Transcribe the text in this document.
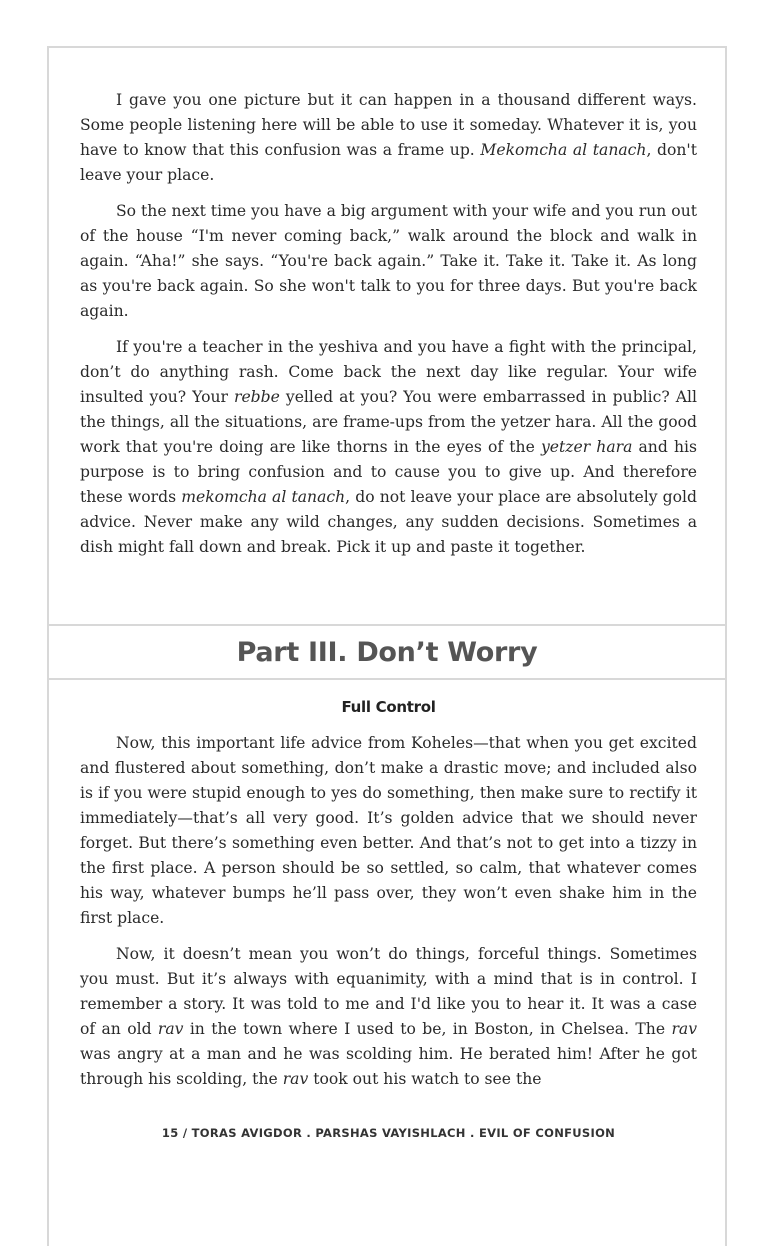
I gave you one picture but it can happen in a thousand different ways. Some people listening here will be able to use it someday. Whatever it is, you have to know that this confusion was a frame up. Mekomcha al tanach, don't leave your place.

So the next time you have a big argument with your wife and you run out of the house “I'm never coming back,” walk around the block and walk in again. “Aha!” she says. “You're back again.” Take it. Take it. Take it. As long as you're back again. So she won't talk to you for three days. But you're back again.

If you're a teacher in the yeshiva and you have a fight with the principal, don’t do anything rash. Come back the next day like regular. Your wife insulted you? Your rebbe yelled at you? You were embarrassed in public? All the things, all the situations, are frame-ups from the yetzer hara. All the good work that you're doing are like thorns in the eyes of the yetzer hara and his purpose is to bring confusion and to cause you to give up. And therefore these words mekomcha al tanach, do not leave your place are absolutely gold advice. Never make any wild changes, any sudden decisions. Sometimes a dish might fall down and break. Pick it up and paste it together.

Part III. Don’t Worry
Full Control

Now, this important life advice from Koheles—that when you get excited and flustered about something, don’t make a drastic move; and included also is if you were stupid enough to yes do something, then make sure to rectify it immediately—that’s all very good. It’s golden advice that we should never forget. But there’s something even better. And that’s not to get into a tizzy in the first place. A person should be so settled, so calm, that whatever comes his way, whatever bumps he’ll pass over, they won’t even shake him in the first place.

Now, it doesn’t mean you won’t do things, forceful things. Sometimes you must. But it’s always with equanimity, with a mind that is in control. I remember a story. It was told to me and I'd like you to hear it. It was a case of an old rav in the town where I used to be, in Boston, in Chelsea. The rav was angry at a man and he was scolding him. He berated him! After he got through his scolding, the rav took out his watch to see the

15 / TORAS AVIGDOR . PARSHAS VAYISHLACH . EVIL OF CONFUSION
